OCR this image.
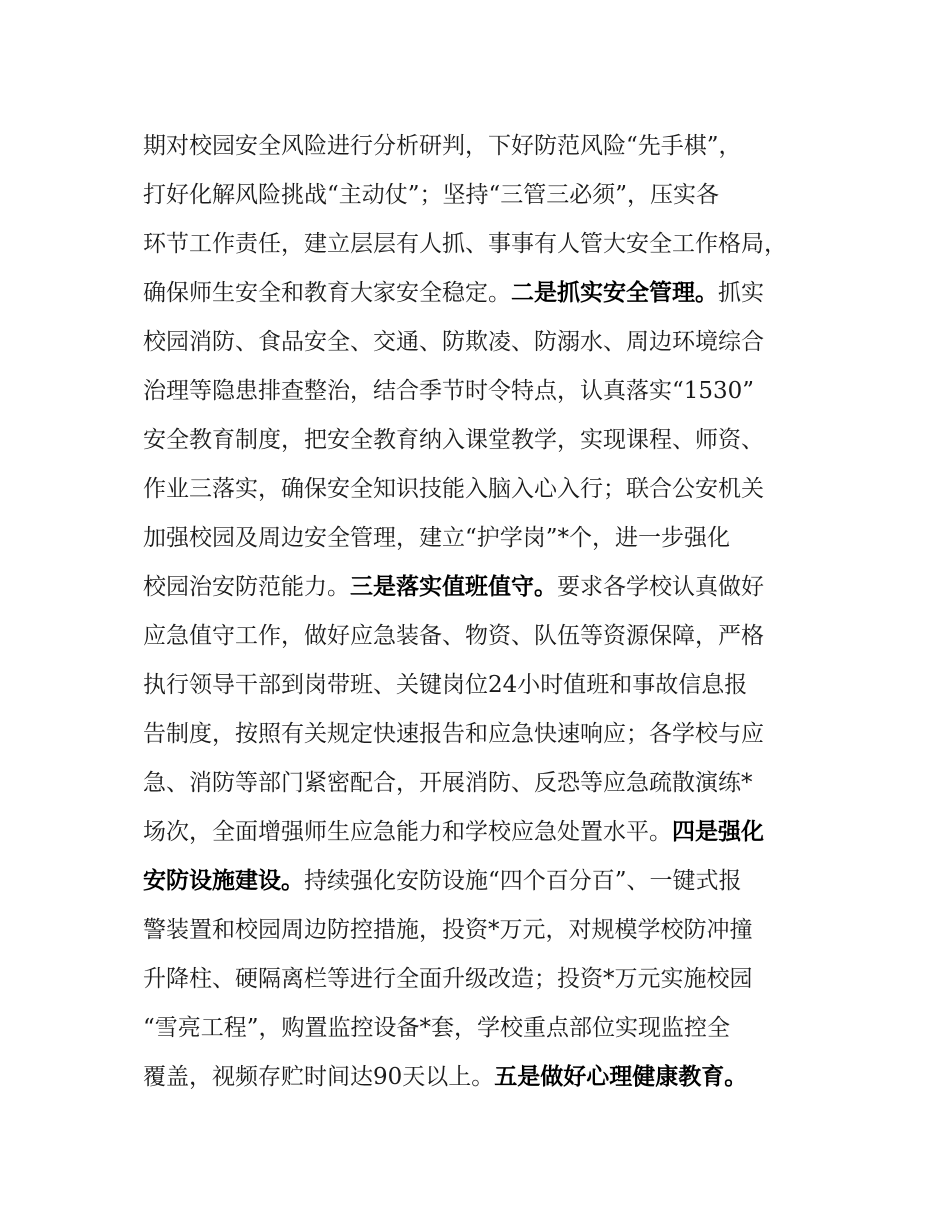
期对校园安全风险进行分析研判，下好防范风险“先手棋”，
打好化解风险挑战“主动仗”；坚持“三管三必须”，压实各
环节工作责任，建立层层有人抓、事事有人管大安全工作格局，
确保师生安全和教育大家安全稳定。二是抓实安全管理。抓实
校园消防、食品安全、交通、防欺凌、防溺水、周边环境综合
治理等隐患排查整治，结合季节时令特点，认真落实“1530”
安全教育制度，把安全教育纳入课堂教学，实现课程、师资、
作业三落实，确保安全知识技能入脑入心入行；联合公安机关
加强校园及周边安全管理，建立“护学岗”*个，进一步强化
校园治安防范能力。三是落实值班值守。要求各学校认真做好
应急值守工作，做好应急装备、物资、队伍等资源保障，严格
执行领导干部到岗带班、关键岗位24小时值班和事故信息报
告制度，按照有关规定快速报告和应急快速响应；各学校与应
急、消防等部门紧密配合，开展消防、反恐等应急疏散演练*
场次，全面增强师生应急能力和学校应急处置水平。四是强化
安防设施建设。持续强化安防设施“四个百分百”、一键式报
警装置和校园周边防控措施，投资*万元，对规模学校防冲撞
升降柱、硬隔离栏等进行全面升级改造；投资*万元实施校园
“雪亮工程”，购置监控设备*套，学校重点部位实现监控全
覆盖，视频存贮时间达90天以上。五是做好心理健康教育。
